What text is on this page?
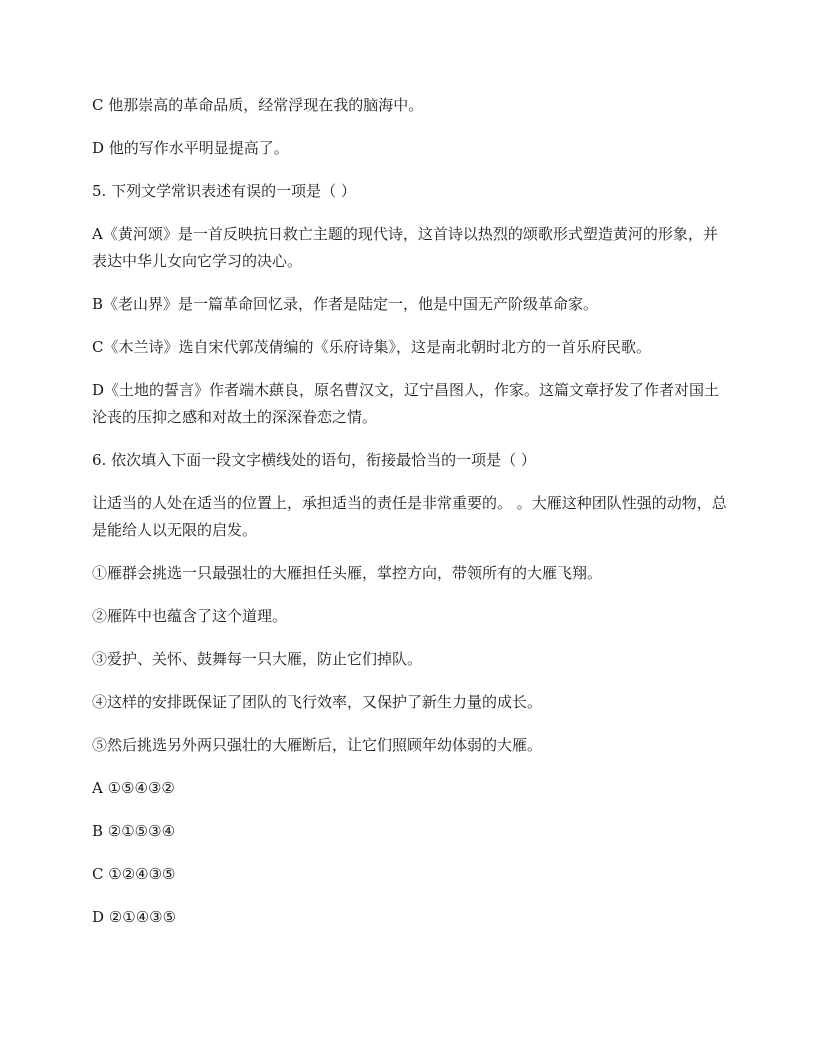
C 他那崇高的革命品质，经常浮现在我的脑海中。

D 他的写作水平明显提高了。

5. 下列文学常识表述有误的一项是（ ）

A《黄河颂》是一首反映抗日救亡主题的现代诗，这首诗以热烈的颂歌形式塑造黄河的形象，并表达中华儿女向它学习的决心。

B《老山界》是一篇革命回忆录，作者是陆定一，他是中国无产阶级革命家。

C《木兰诗》选自宋代郭茂倩编的《乐府诗集》，这是南北朝时北方的一首乐府民歌。

D《土地的誓言》作者端木蕻良，原名曹汉文，辽宁昌图人，作家。这篇文章抒发了作者对国土沦丧的压抑之感和对故土的深深眷恋之情。

6. 依次填入下面一段文字横线处的语句，衔接最恰当的一项是（ ）

让适当的人处在适当的位置上，承担适当的责任是非常重要的。 。大雁这种团队性强的动物，总是能给人以无限的启发。

①雁群会挑选一只最强壮的大雁担任头雁，掌控方向，带领所有的大雁飞翔。

②雁阵中也蕴含了这个道理。

③爱护、关怀、鼓舞每一只大雁，防止它们掉队。

④这样的安排既保证了团队的飞行效率，又保护了新生力量的成长。

⑤然后挑选另外两只强壮的大雁断后，让它们照顾年幼体弱的大雁。

A ①⑤④③②

B ②①⑤③④

C ①②④③⑤

D ②①④③⑤
